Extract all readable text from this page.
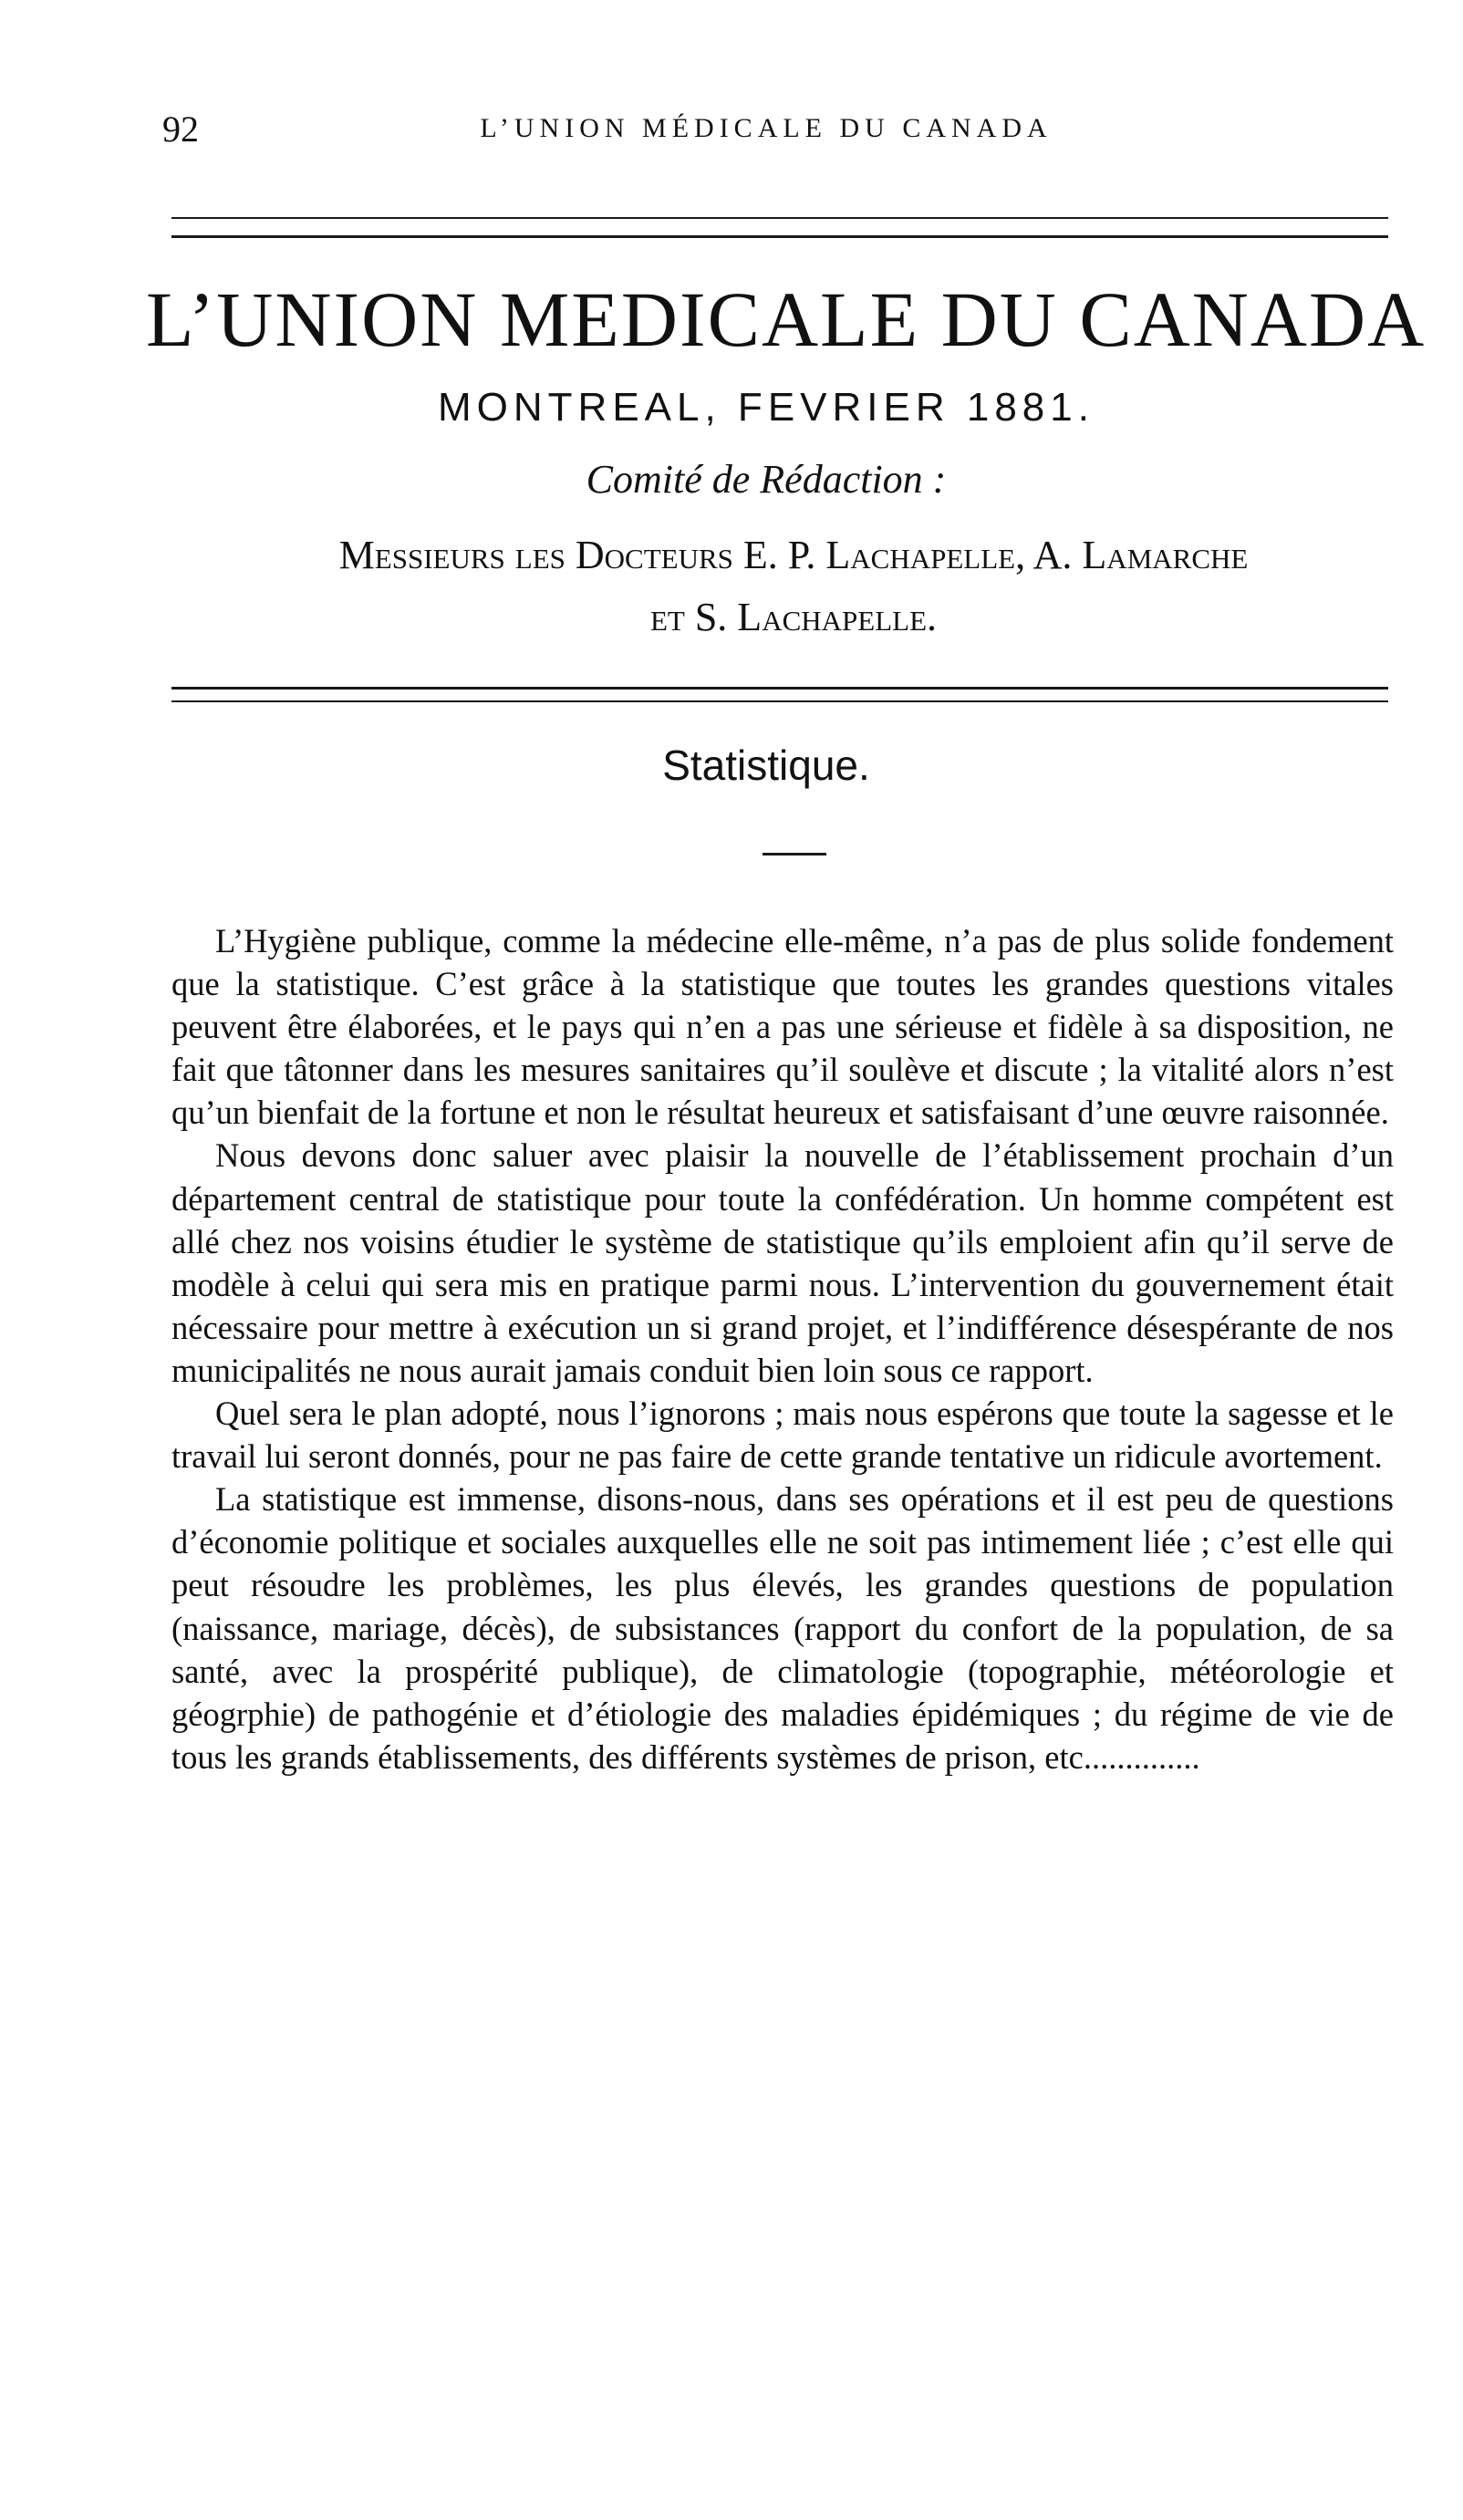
92	L’UNION MÉDICALE DU CANADA
L’UNION MEDICALE DU CANADA
MONTREAL, FEVRIER 1881.
Comité de Rédaction :
Messieurs les Docteurs E. P. Lachapelle, A. Lamarche
et S. Lachapelle.
Statistique.

L’Hygiène publique, comme la médecine elle-même, n’a pas de plus solide fondement que la statistique. C’est grâce à la statistique que toutes les grandes questions vitales peuvent être élaborées, et le pays qui n’en a pas une sérieuse et fidèle à sa disposition, ne fait que tâtonner dans les mesures sanitaires qu’il soulève et discute ; la vitalité alors n’est qu’un bienfait de la fortune et non le résultat heureux et satisfaisant d’une œuvre raisonnée.

Nous devons donc saluer avec plaisir la nouvelle de l’établissement prochain d’un département central de statistique pour toute la confédération. Un homme compétent est allé chez nos voisins étudier le système de statistique qu’ils emploient afin qu’il serve de modèle à celui qui sera mis en pratique parmi nous. L’intervention du gouvernement était nécessaire pour mettre à exécution un si grand projet, et l’indifférence désespérante de nos municipalités ne nous aurait jamais conduit bien loin sous ce rapport.

Quel sera le plan adopté, nous l’ignorons ; mais nous espérons que toute la sagesse et le travail lui seront donnés, pour ne pas faire de cette grande tentative un ridicule avortement.

La statistique est immense, disons-nous, dans ses opérations et il est peu de questions d’économie politique et sociales auxquelles elle ne soit pas intimement liée ; c’est elle qui peut résoudre les problèmes, les plus élevés, les grandes questions de population (naissance, mariage, décès), de subsistances (rapport du confort de la population, de sa santé, avec la prospérité publique), de climatologie (topographie, météorologie et géogrphie) de pathogénie et d’étiologie des maladies épidémiques ; du régime de vie de tous les grands établissements, des différents systèmes de prison, etc..............
